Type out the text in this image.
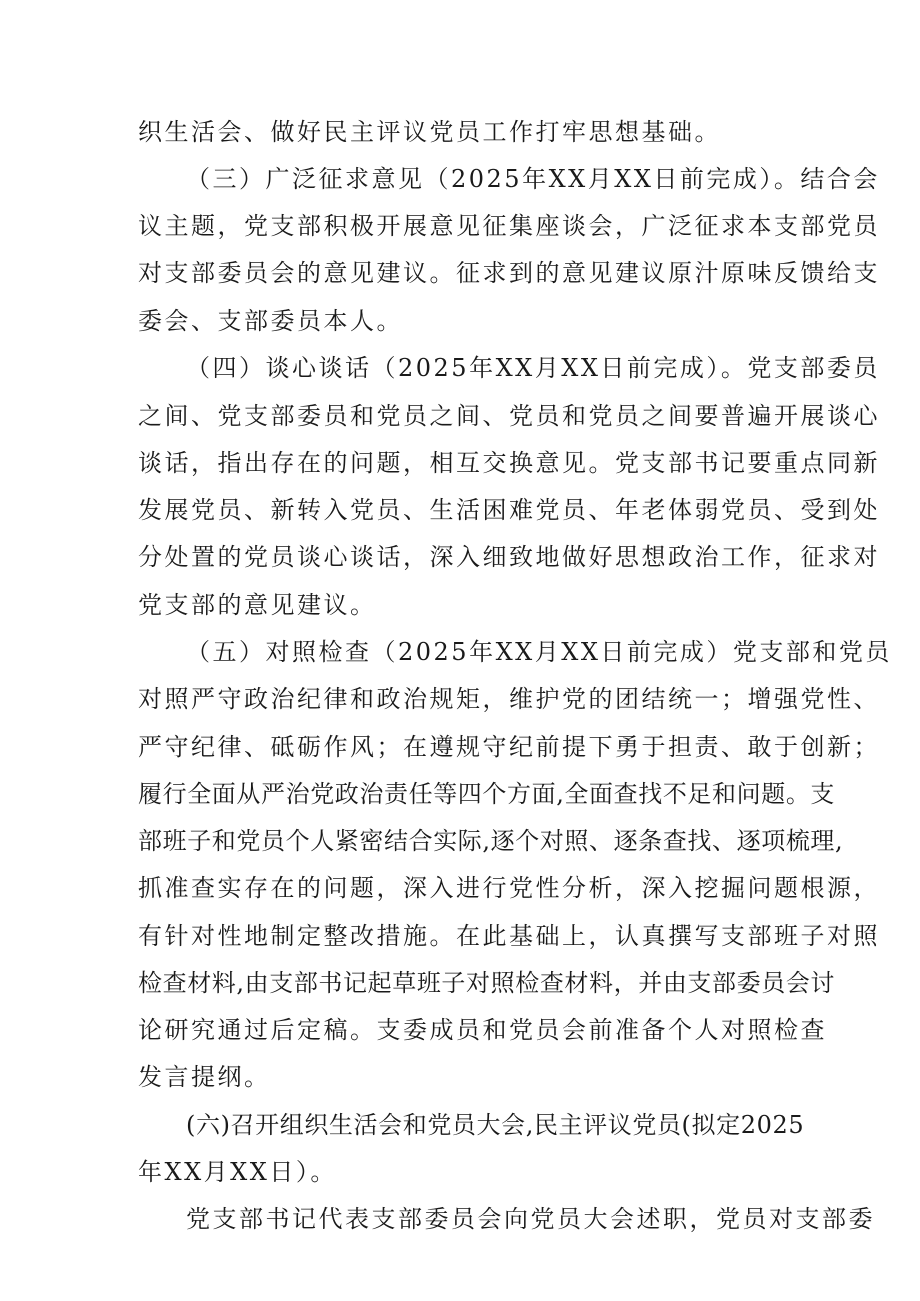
织生活会、做好民主评议党员工作打牢思想基础。
（三）广泛征求意见（2025年XX月XX日前完成）。结合会
议主题，党支部积极开展意见征集座谈会，广泛征求本支部党员
对支部委员会的意见建议。征求到的意见建议原汁原味反馈给支
委会、支部委员本人。
（四）谈心谈话（2025年XX月XX日前完成）。党支部委员
之间、党支部委员和党员之间、党员和党员之间要普遍开展谈心
谈话，指出存在的问题，相互交换意见。党支部书记要重点同新
发展党员、新转入党员、生活困难党员、年老体弱党员、受到处
分处置的党员谈心谈话，深入细致地做好思想政治工作，征求对
党支部的意见建议。
（五）对照检查（2025年XX月XX日前完成）党支部和党员
对照严守政治纪律和政治规矩，维护党的团结统一；增强党性、
严守纪律、砥砺作风；在遵规守纪前提下勇于担责、敢于创新；
履行全面从严治党政治责任等四个方面,全面查找不足和问题。支
部班子和党员个人紧密结合实际,逐个对照、逐条查找、逐项梳理,
抓准查实存在的问题，深入进行党性分析，深入挖掘问题根源，
有针对性地制定整改措施。在此基础上，认真撰写支部班子对照
检查材料,由支部书记起草班子对照检查材料，并由支部委员会讨
论研究通过后定稿。支委成员和党员会前准备个人对照检查
发言提纲。
(六)召开组织生活会和党员大会,民主评议党员(拟定2025
年XX月XX日）。
党支部书记代表支部委员会向党员大会述职，党员对支部委
